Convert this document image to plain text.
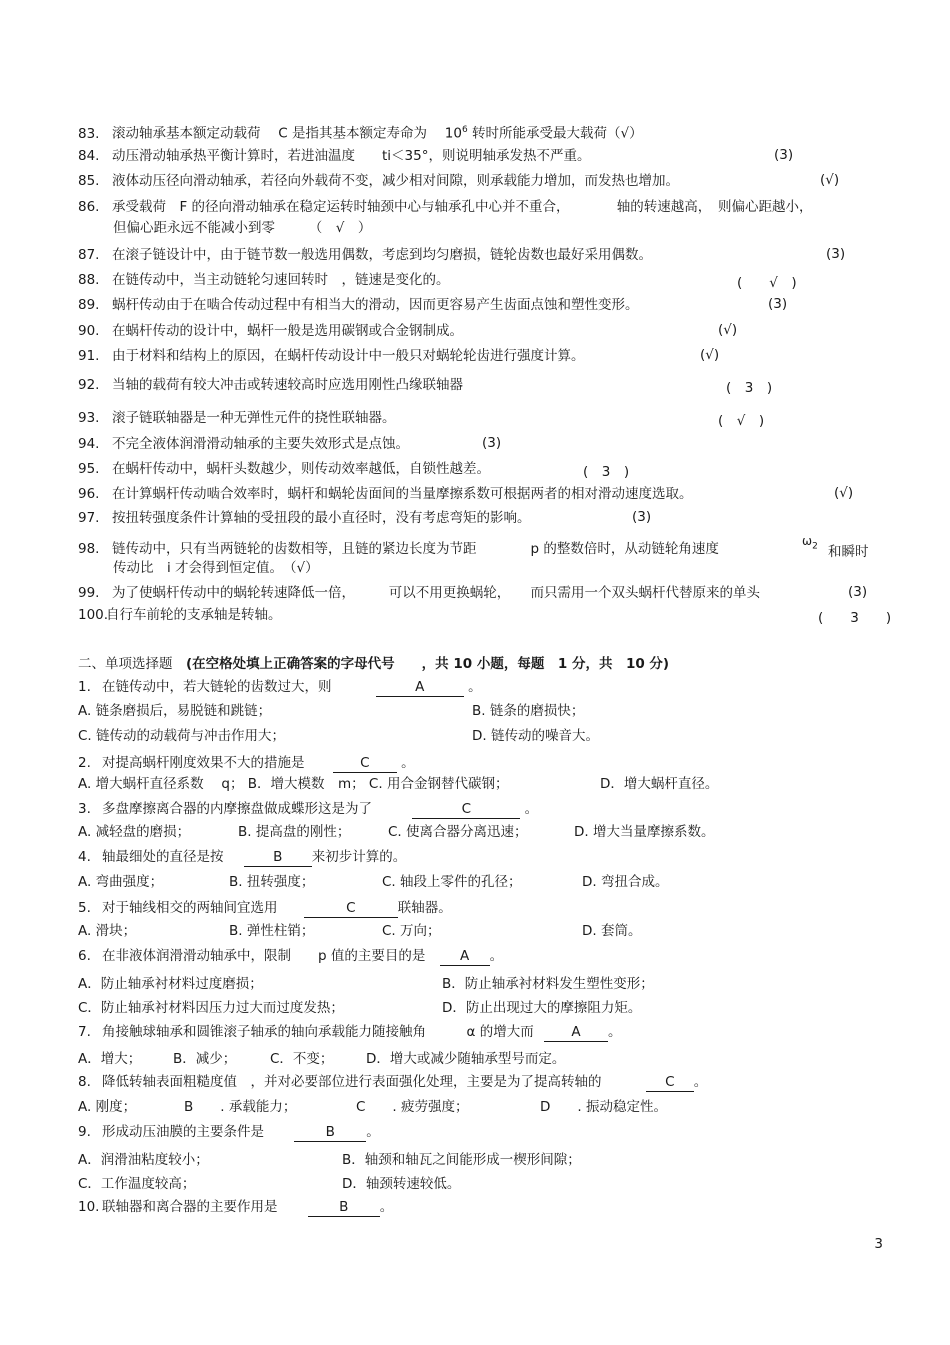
83. 滚动轴承基本额定动载荷　 C 是指其基本额定寿命为　 $10^6$ 转时所能承受最大载荷（√）
84. 动压滑动轴承热平衡计算时，若进油温度　　ti＜35°，则说明轴承发热不严重。	(3)
85. 液体动压径向滑动轴承，若径向外载荷不变，减少相对间隙，则承载能力增加，而发热也增加。	(√)
86. 承受载荷　F 的径向滑动轴承在稳定运转时轴颈中心与轴承孔中心并不重合，　　　　轴的转速越高，　则偏心距越小，
但偏心距永远不能减小到零　　　（　√　）
87. 在滚子链设计中，由于链节数一般选用偶数，考虑到均匀磨损，链轮齿数也最好采用偶数。	(3)
88. 在链传动中，当主动链轮匀速回转时　，链速是变化的。	(　　√　)
89. 蜗杆传动由于在啮合传动过程中有相当大的滑动，因而更容易产生齿面点蚀和塑性变形。	(3)
90. 在蜗杆传动的设计中，蜗杆一般是选用碳钢或合金钢制成。	(√)
91. 由于材料和结构上的原因，在蜗杆传动设计中一般只对蜗轮轮齿进行强度计算。	(√)
92. 当轴的载荷有较大冲击或转速较高时应选用刚性凸缘联轴器	(　3　)
93. 滚子链联轴器是一种无弹性元件的挠性联轴器。	(　√　)
94. 不完全液体润滑滑动轴承的主要失效形式是点蚀。	(3)
95. 在蜗杆传动中，蜗杆头数越少，则传动效率越低，自锁性越差。	(　3　)
96. 在计算蜗杆传动啮合效率时，蜗杆和蜗轮齿面间的当量摩擦系数可根据两者的相对滑动速度选取。	(√)
97. 按扭转强度条件计算轴的受扭段的最小直径时，没有考虑弯矩的影响。	(3)
98. 链传动中，只有当两链轮的齿数相等，且链的紧边长度为节距　　　　p 的整数倍时，从动链轮角速度	$\omega_2$ 和瞬时
传动比　i 才会得到恒定值。　（√）
99. 为了使蜗杆传动中的蜗轮转速降低一倍，　　　可以不用更换蜗轮，　　而只需用一个双头蜗杆代替原来的单头	(3)
100.自行车前轮的支承轴是转轴。	(　　3　　)
二、单项选择题　(在空格处填上正确答案的字母代号　　，共 10 小题，每题　1 分，共　10 分)
1. 在链传动中，若大链轮的齿数过大，则	A	。
A. 链条磨损后，易脱链和跳链；	B. 链条的磨损快；
C. 链传动的动载荷与冲击作用大；	D. 链传动的噪音大。
2. 对提高蜗杆刚度效果不大的措施是	C 。
A. 增大蜗杆直径系数　 q； B．增大模数　m； C. 用合金钢替代碳钢；	D．增大蜗杆直径。
3. 多盘摩擦离合器的内摩擦盘做成蝶形这是为了	C	。
A. 减轻盘的磨损；	B. 提高盘的刚性；	C. 使离合器分离迅速；	D. 增大当量摩擦系数。
4. 轴最细处的直径是按	B 来初步计算的。
A. 弯曲强度；	B. 扭转强度；	C. 轴段上零件的孔径；	D. 弯扭合成。
5. 对于轴线相交的两轴间宜选用	C	联轴器。
A. 滑块；	B. 弹性柱销；	C. 万向；	D. 套筒。
6. 在非液体润滑滑动轴承中，限制　　p 值的主要目的是	A 。
A．防止轴承衬材料过度磨损；	B．防止轴承衬材料发生塑性变形；
C．防止轴承衬材料因压力过大而过度发热；	D．防止出现过大的摩擦阻力矩。
7. 角接触球轴承和圆锥滚子轴承的轴向承载能力随接触角　　　α 的增大而	A 。
A．增大； B．减少； C．不变； D．增大或减少随轴承型号而定。
8. 降低转轴表面粗糙度值　，并对必要部位进行表面强化处理，主要是为了提高转轴的	C 。
A. 刚度；	B　　. 承载能力；	C　　. 疲劳强度；	D　　. 振动稳定性。
9. 形成动压油膜的主要条件是	B 。
A．润滑油粘度较小；	B．轴颈和轴瓦之间能形成一楔形间隙；
C．工作温度较高；	D．轴颈转速较低。
10. 联轴器和离合器的主要作用是	B 。
3
